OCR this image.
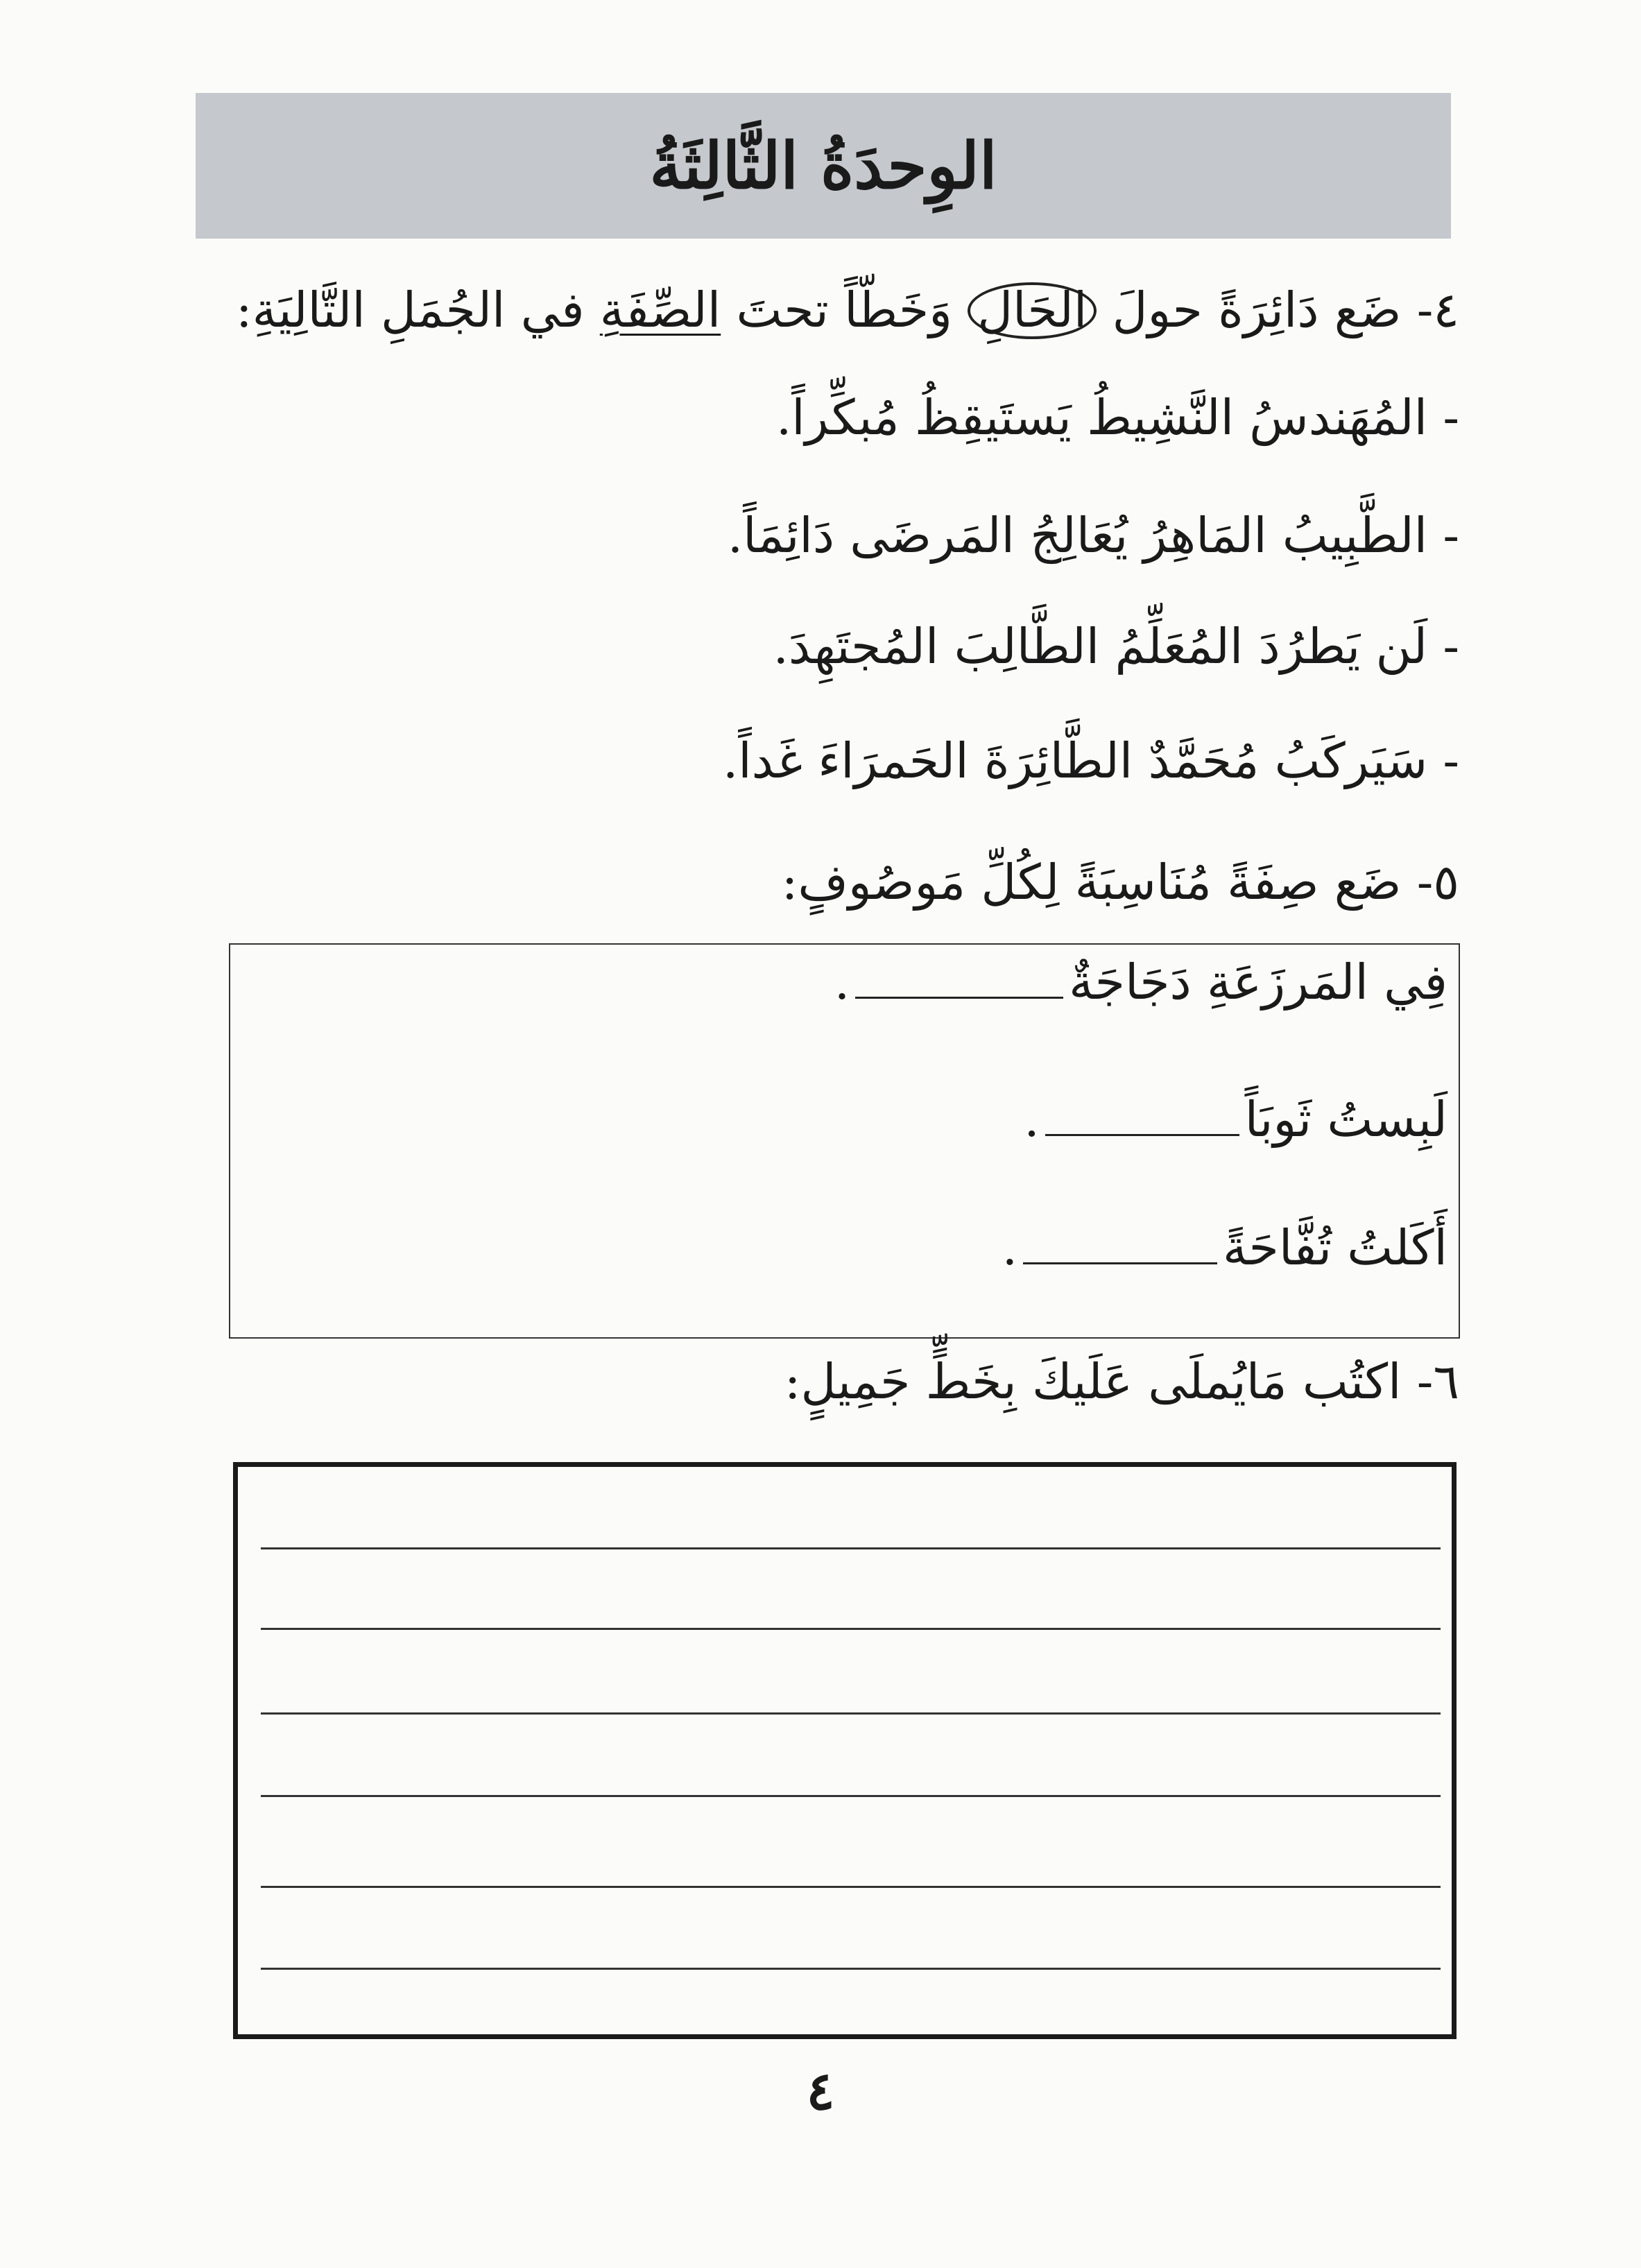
الوِحدَةُ الثَّالِثَةُ
٤- ضَع دَائِرَةً حولَ الحَالِ وَخَطّاً تحتَ الصِّفَةِ في الجُمَلِ التَّالِيَةِ:
- المُهَندسُ النَّشِيطُ يَستَيقِظُ مُبكِّراً.
- الطَّبِيبُ المَاهِرُ يُعَالِجُ المَرضَى دَائِمَاً.
- لَن يَطرُدَ المُعَلِّمُ الطَّالِبَ المُجتَهِدَ.
- سَيَركَبُ مُحَمَّدٌ الطَّائِرَةَ الحَمرَاءَ غَداً.
٥- ضَع صِفَةً مُنَاسِبَةً لِكُلِّ مَوصُوفٍ:
فِي المَرزَعَةِ دَجَاجَةٌ.
لَبِستُ ثَوبَاً.
أَكَلتُ تُفَّاحَةً.
٦- اكتُب مَايُملَى عَلَيكَ بِخَطٍّ جَمِيلٍ:
٤
